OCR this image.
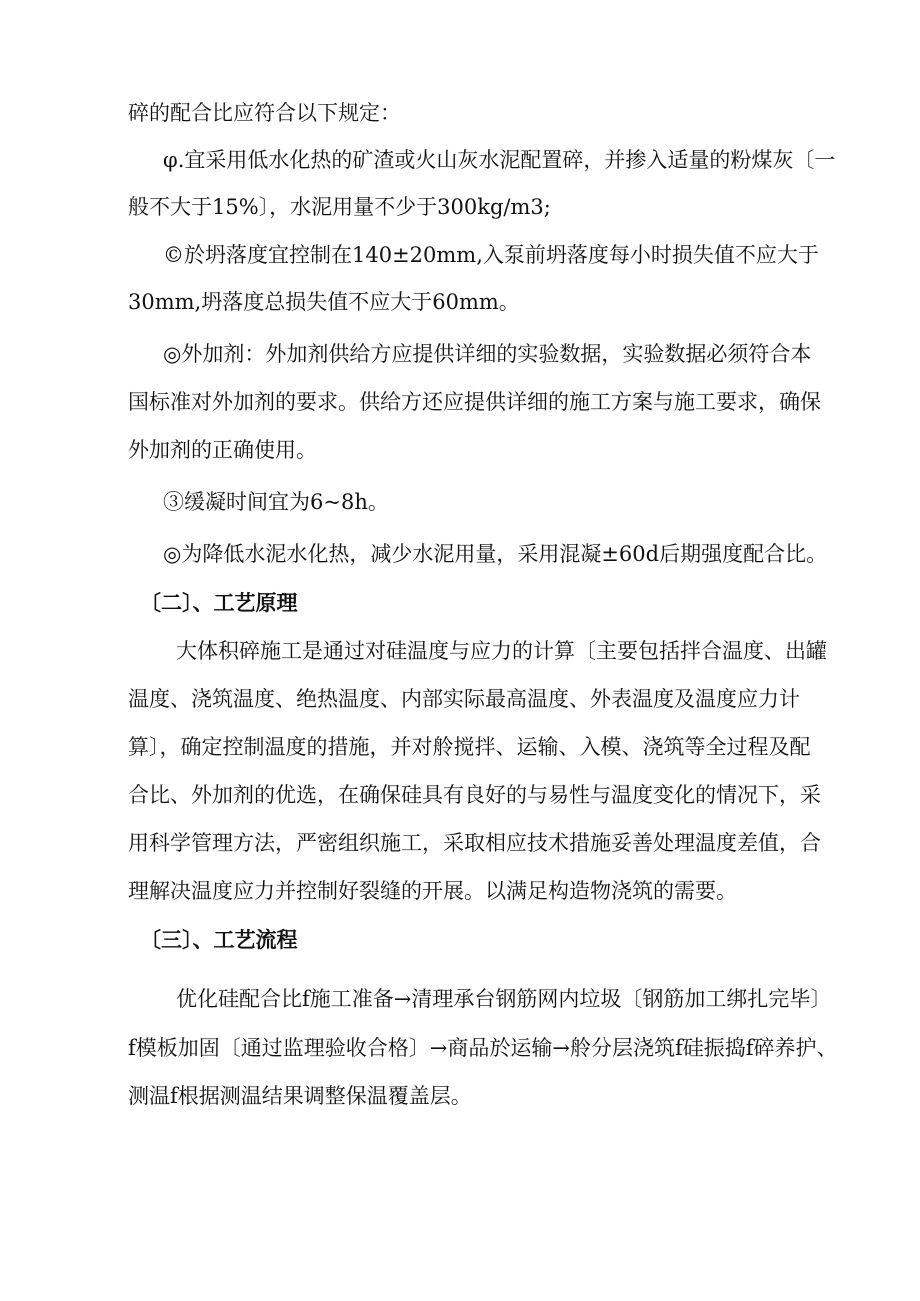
碎的配合比应符合以下规定：
φ.宜采用低水化热的矿渣或火山灰水泥配置碎，并掺入适量的粉煤灰〔一
般不大于15%〕，水泥用量不少于300kg/m3;
©於坍落度宜控制在140±20mm,入泵前坍落度每小时损失值不应大于
30mm,坍落度总损失值不应大于60mm。
◎外加剂：外加剂供给方应提供详细的实验数据，实验数据必须符合本
国标准对外加剂的要求。供给方还应提供详细的施工方案与施工要求，确保
外加剂的正确使用。
③缓凝时间宜为6~8h。
◎为降低水泥水化热，减少水泥用量，采用混凝±60d后期强度配合比。
〔二〕、工艺原理
大体积碎施工是通过对硅温度与应力的计算〔主要包括拌合温度、出罐
温度、浇筑温度、绝热温度、内部实际最高温度、外表温度及温度应力计
算〕，确定控制温度的措施，并对舲搅拌、运输、入模、浇筑等全过程及配
合比、外加剂的优选，在确保硅具有良好的与易性与温度变化的情况下，采
用科学管理方法，严密组织施工，采取相应技术措施妥善处理温度差值，合
理解决温度应力并控制好裂缝的开展。以满足构造物浇筑的需要。
〔三〕、工艺流程
优化硅配合比f施工准备→清理承台钢筋网内垃圾〔钢筋加工绑扎完毕〕
f模板加固〔通过监理验收合格〕→商品於运输→舲分层浇筑f硅振捣f碎养护、
测温f根据测温结果调整保温覆盖层。
